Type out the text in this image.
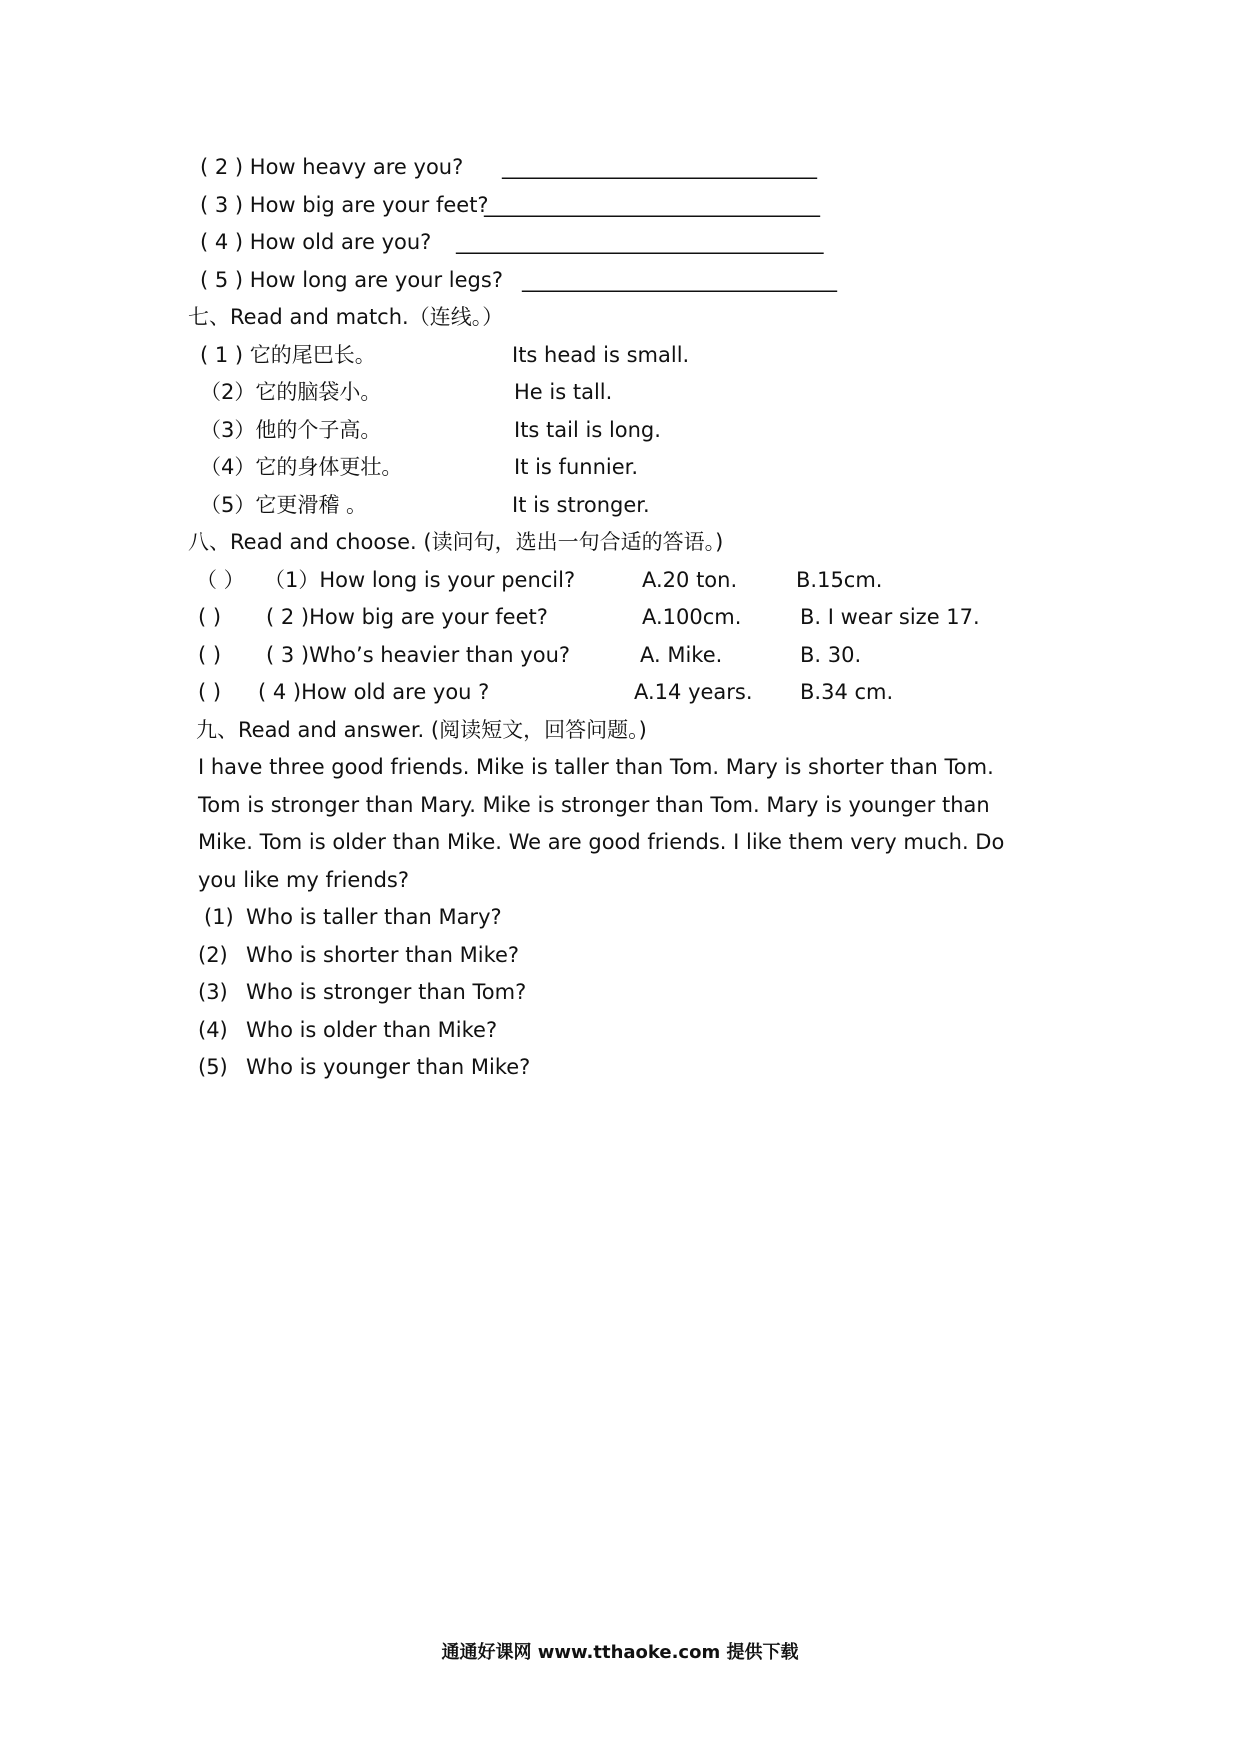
( 2 ) How heavy are you? ______________________________
( 3 ) How big are your feet?
________________________________
( 4 ) How old are you? ___________________________________
( 5 ) How long are your legs? ______________________________
七、Read and match.（连线。）
( 1 ) 它的尾巴长。	Its head is small.
（2）它的脑袋小。	He is tall.
（3）他的个子高。	Its tail is long.
（4）它的身体更壮。	It is funnier.
（5）它更滑稽 。	It is stronger.
八、Read and choose. (读问句，选出一句合适的答语。)
（ ） （1）How long is your pencil?	A.20 ton.	B.15cm.
( ) ( 2 )How big are your feet?	A.100cm.	B. I wear size 17.
( ) ( 3 )Who’s heavier than you?	A. Mike.	B. 30.
( ) ( 4 )How old are you ?	A.14 years. B.34 cm.
九、Read and answer. (阅读短文，回答问题。)
I have three good friends. Mike is taller than Tom. Mary is shorter than Tom.
Tom is stronger than Mary. Mike is stronger than Tom. Mary is younger than
Mike. Tom is older than Mike. We are good friends. I like them very much. Do
you like my friends?
(1) Who is taller than Mary?
(2) Who is shorter than Mike?
(3) Who is stronger than Tom?
(4) Who is older than Mike?
(5) Who is younger than Mike?
通通好课网 www.tthaoke.com 提供下载
